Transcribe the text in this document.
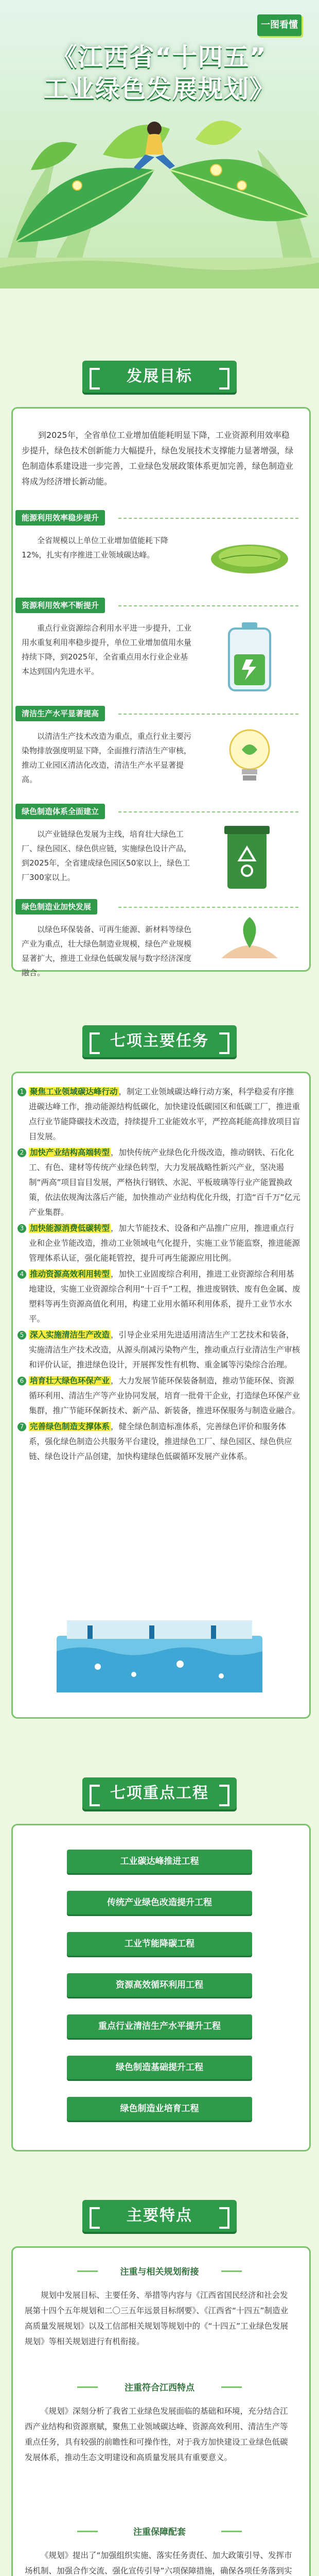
一图看懂
《江西省“十四五”
工业绿色发展规划》
发展目标
到2025年，全省单位工业增加值能耗明显下降，工业资源利用效率稳步提升，绿色技术创新能力大幅提升，绿色发展技术支撑能力显著增强，绿色制造体系建设进一步完善，工业绿色发展政策体系更加完善，绿色制造业将成为经济增长新动能。
能源利用效率稳步提升
全省规模以上单位工业增加值能耗下降12%，扎实有序推进工业领域碳达峰。
资源利用效率不断提升
重点行业资源综合利用水平进一步提升，工业用水重复利用率稳步提升，单位工业增加值用水量持续下降，到2025年，全省重点用水行业企业基本达到国内先进水平。
清洁生产水平显著提高
以清洁生产技术改造为重点，重点行业主要污染物排放强度明显下降，全面推行清洁生产审核，推动工业园区清洁化改造，清洁生产水平显著提高。
绿色制造体系全面建立
以产业链绿色发展为主线，培育壮大绿色工厂、绿色园区、绿色供应链，实施绿色设计产品，到2025年，全省建成绿色园区50家以上，绿色工厂300家以上。
绿色制造业加快发展
以绿色环保装备、可再生能源、新材料等绿色产业为重点，壮大绿色制造业规模，绿色产业规模显著扩大，推进工业绿色低碳发展与数字经济深度融合。
七项主要任务
1 聚焦工业领域碳达峰行动 ，制定工业领域碳达峰行动方案，科学稳妥有序推进碳达峰工作，推动能源结构低碳化，加快建设低碳园区和低碳工厂，推进重点行业节能降碳技术改造，持续提升工业能效水平，严控高耗能高排放项目盲目发展。
2 加快产业结构高端转型 ，加快传统产业绿色化升级改造，推动钢铁、石化化工、有色、建材等传统产业绿色转型，大力发展战略性新兴产业，坚决遏制“两高”项目盲目发展，严格执行钢铁、水泥、平板玻璃等行业产能置换政策，依法依规淘汰落后产能，加快推动产业结构优化升级，打造“百千万”亿元产业集群。
3 加快能源消费低碳转型 ，加大节能技术、设备和产品推广应用，推进重点行业和企业节能改造，推动工业领域电气化提升，实施工业节能监察，推进能源管理体系认证，强化能耗管控，提升可再生能源应用比例。
4 推动资源高效利用转型 ，加快工业固废综合利用，推进工业资源综合利用基地建设，实施工业资源综合利用“十百千”工程，推进废钢铁、废有色金属、废塑料等再生资源高值化利用，构建工业用水循环利用体系，提升工业节水水平。
5 深入实施清洁生产改造 ，引导企业采用先进适用清洁生产工艺技术和装备，实施清洁生产技术改造，从源头削减污染物产生，推动重点行业清洁生产审核和评价认证，推进绿色设计，开展挥发性有机物、重金属等污染综合治理。
6 培育壮大绿色环保产业 ，大力发展节能环保装备制造，推动节能环保、资源循环利用、清洁生产等产业协同发展，培育一批骨干企业，打造绿色环保产业集群，推广节能环保新技术、新产品、新装备，推进环保服务与制造业融合。
7 完善绿色制造支撑体系 ，健全绿色制造标准体系，完善绿色评价和服务体系，强化绿色制造公共服务平台建设，推进绿色工厂、绿色园区、绿色供应链、绿色设计产品创建，加快构建绿色低碳循环发展产业体系。
七项重点工程
工业碳达峰推进工程
传统产业绿色改造提升工程
工业节能降碳工程
资源高效循环利用工程
重点行业清洁生产水平提升工程
绿色制造基础提升工程
绿色制造业培育工程
主要特点
注重与相关规划衔接
规划中发展目标、主要任务、举措等内容与《江西省国民经济和社会发展第十四个五年规划和二〇三五年远景目标纲要》、《江西省“十四五”制造业高质量发展规划》以及工信部相关规划等规划中的《“十四五”工业绿色发展规划》等相关规划进行有机衔接。
注重符合江西特点
《规划》深刻分析了我省工业绿色发展面临的基础和环境，充分结合江西产业结构和资源禀赋，聚焦工业领域碳达峰、资源高效利用、清洁生产等重点任务，具有较强的前瞻性和可操作性，对于我方加快建设工业绿色低碳发展体系，推动生态文明建设和高质量发展具有重要意义。
注重保障配套
《规划》提出了“加强组织实施、落实任务责任、加大政策引导、发挥市场机制、加强合作交流、强化宣传引导”六项保障措施，确保各项任务落到实
